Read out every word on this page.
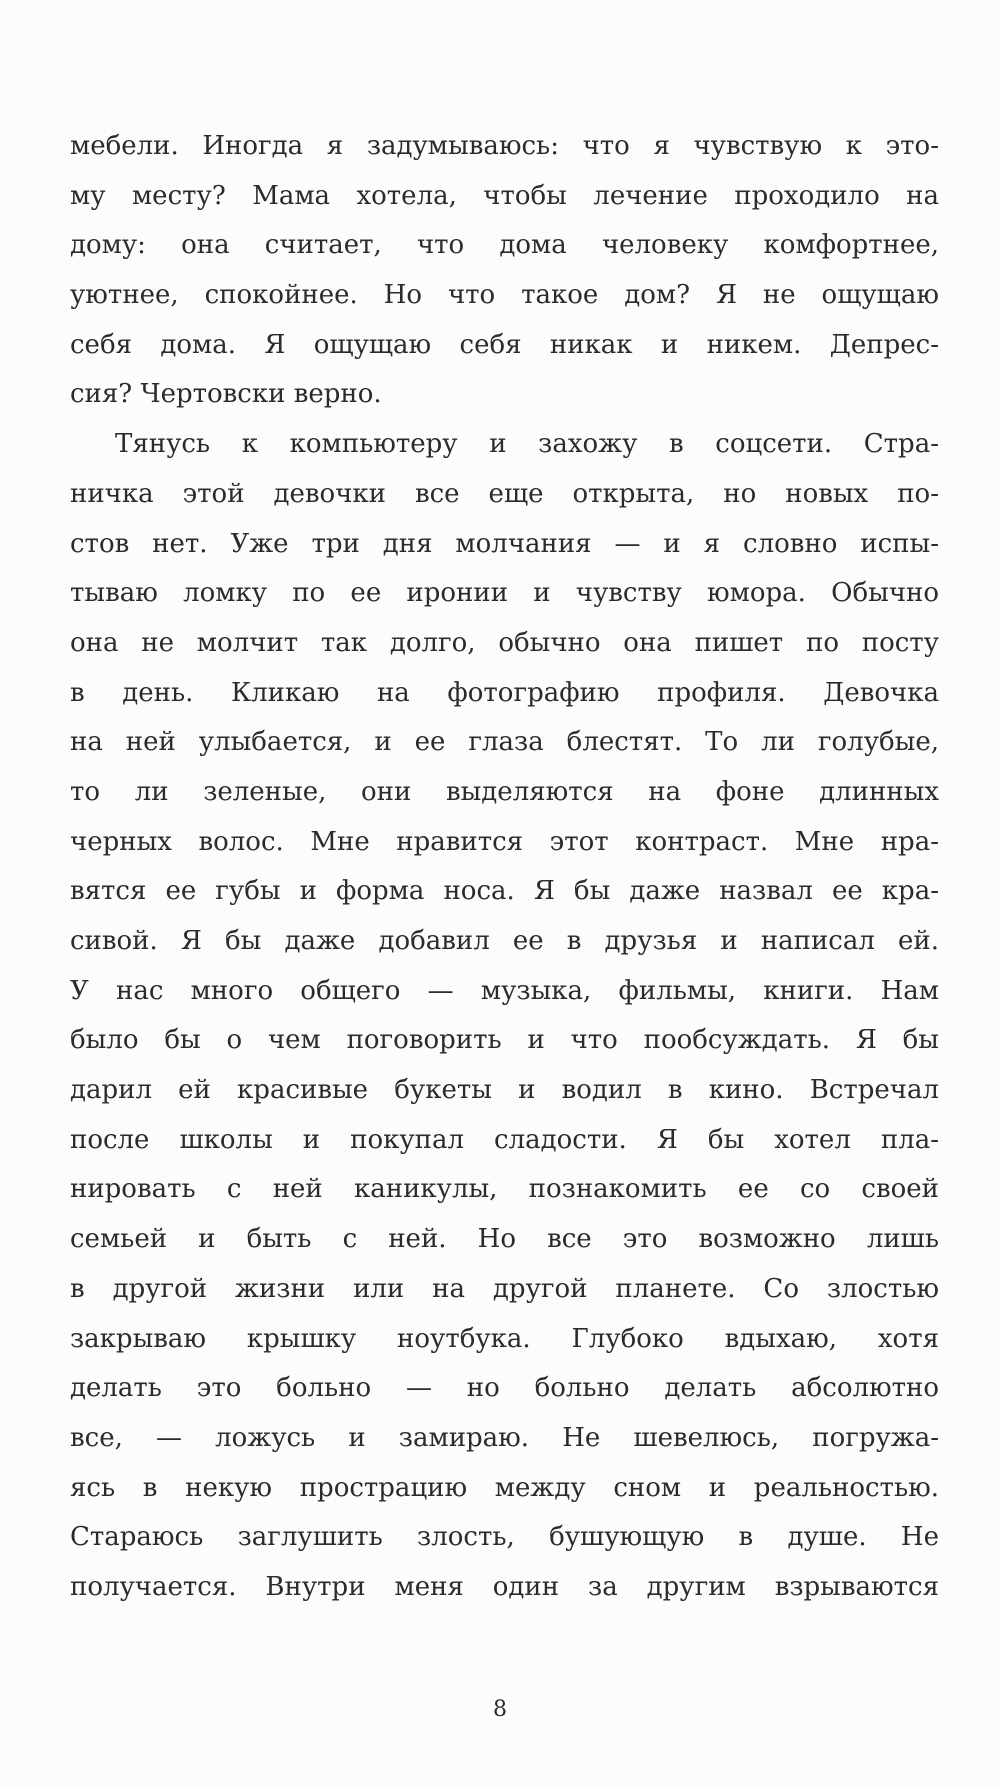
мебели. Иногда я задумываюсь: что я чувствую к это-
му месту? Мама хотела, чтобы лечение проходило на
дому: она считает, что дома человеку комфортнее,
уютнее, спокойнее. Но что такое дом? Я не ощущаю
себя дома. Я ощущаю себя никак и никем. Депрес-
сия? Чертовски верно.
Тянусь к компьютеру и захожу в соцсети. Стра-
ничка этой девочки все еще открыта, но новых по-
стов нет. Уже три дня молчания — и я словно испы-
тываю ломку по ее иронии и чувству юмора. Обычно
она не молчит так долго, обычно она пишет по посту
в день. Кликаю на фотографию профиля. Девочка
на ней улыбается, и ее глаза блестят. То ли голубые,
то ли зеленые, они выделяются на фоне длинных
черных волос. Мне нравится этот контраст. Мне нра-
вятся ее губы и форма носа. Я бы даже назвал ее кра-
сивой. Я бы даже добавил ее в друзья и написал ей.
У нас много общего — музыка, фильмы, книги. Нам
было бы о чем поговорить и что пообсуждать. Я бы
дарил ей красивые букеты и водил в кино. Встречал
после школы и покупал сладости. Я бы хотел пла-
нировать с ней каникулы, познакомить ее со своей
семьей и быть с ней. Но все это возможно лишь
в другой жизни или на другой планете. Со злостью
закрываю крышку ноутбука. Глубоко вдыхаю, хотя
делать это больно — но больно делать абсолютно
все, — ложусь и замираю. Не шевелюсь, погружа-
ясь в некую прострацию между сном и реальностью.
Стараюсь заглушить злость, бушующую в душе. Не
получается. Внутри меня один за другим взрываются
8
